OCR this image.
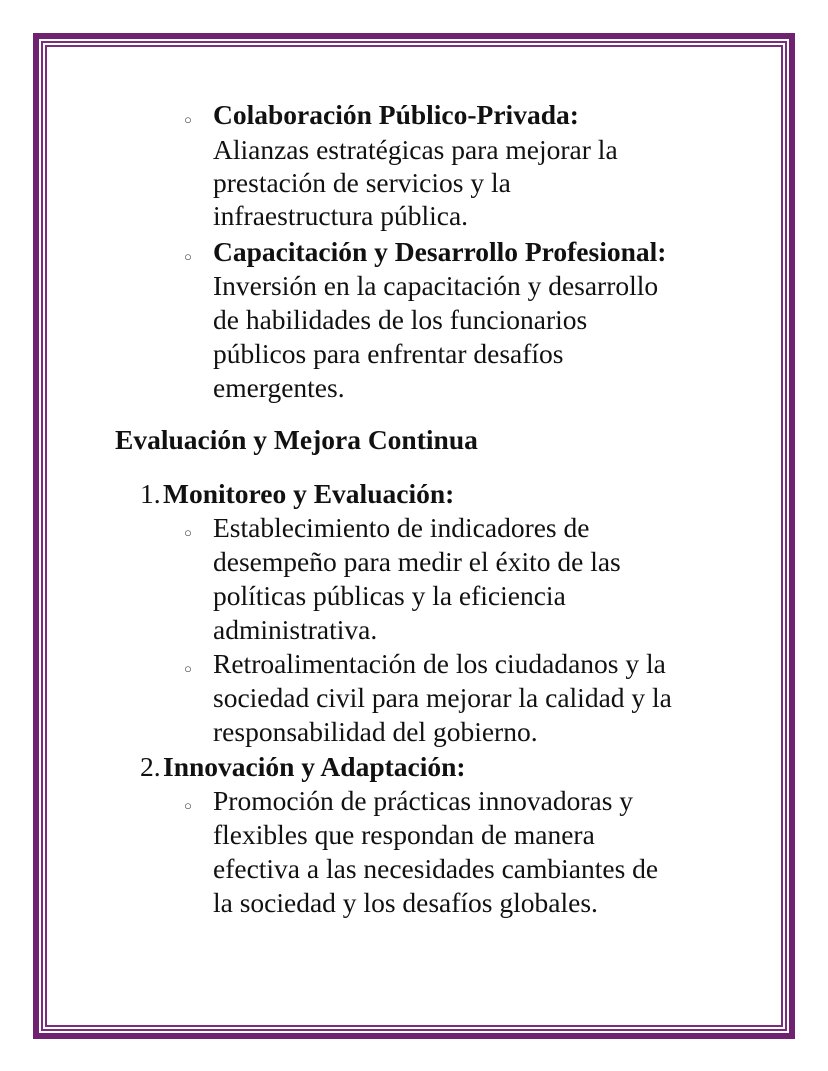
○ Colaboración Público-Privada:
Alianzas estratégicas para mejorar la
prestación de servicios y la
infraestructura pública.
○ Capacitación y Desarrollo Profesional:
Inversión en la capacitación y desarrollo
de habilidades de los funcionarios
públicos para enfrentar desafíos
emergentes.
Evaluación y Mejora Continua
1. Monitoreo y Evaluación:
○ Establecimiento de indicadores de
desempeño para medir el éxito de las
políticas públicas y la eficiencia
administrativa.
○ Retroalimentación de los ciudadanos y la
sociedad civil para mejorar la calidad y la
responsabilidad del gobierno.
2. Innovación y Adaptación:
○ Promoción de prácticas innovadoras y
flexibles que respondan de manera
efectiva a las necesidades cambiantes de
la sociedad y los desafíos globales.
